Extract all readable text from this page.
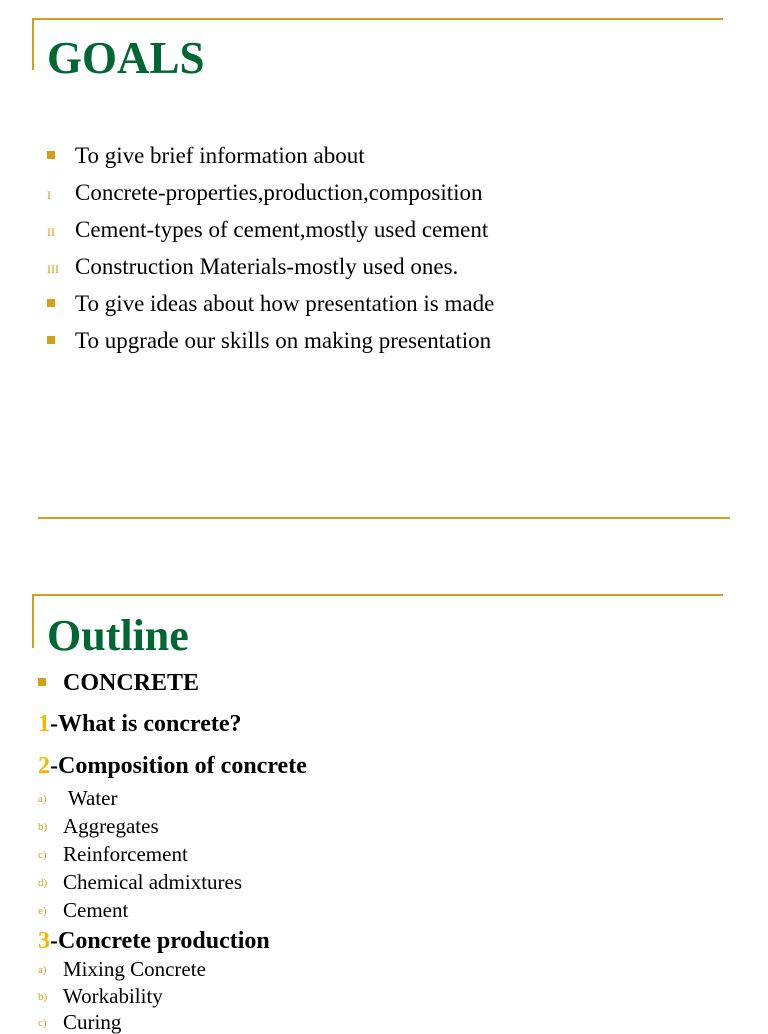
GOALS
To give brief information about
I Concrete-properties,production,composition
II Cement-types of cement,mostly used cement
III Construction Materials-mostly used ones.
To give ideas about how presentation is made
To upgrade our skills on making presentation
Outline
CONCRETE
1-What is concrete?
2-Composition of concrete
a) Water
b) Aggregates
c) Reinforcement
d) Chemical admixtures
e) Cement
3-Concrete production
a) Mixing Concrete
b) Workability
c) Curing
